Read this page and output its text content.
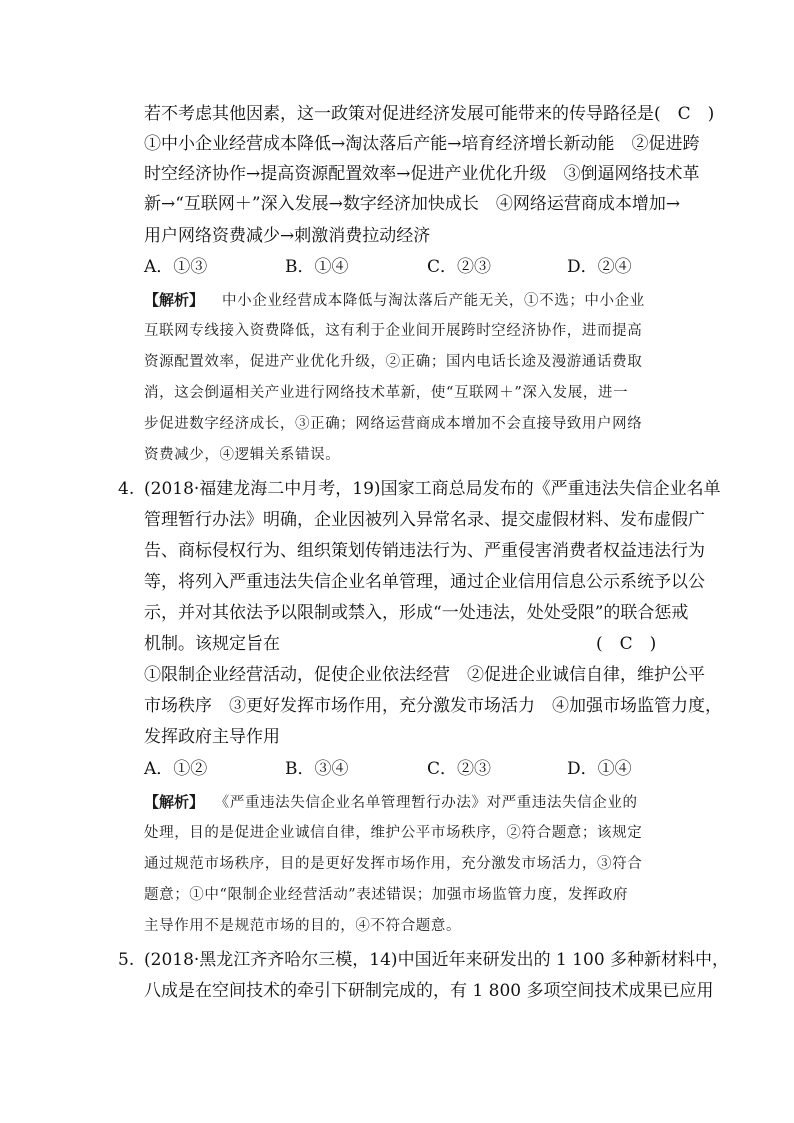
若不考虑其他因素，这一政策对促进经济发展可能带来的传导路径是(　C　)
①中小企业经营成本降低→淘汰落后产能→培育经济增长新动能　②促进跨
时空经济协作→提高资源配置效率→促进产业优化升级　③倒逼网络技术革
新→“互联网＋”深入发展→数字经济加快成长　④网络运营商成本增加→
用户网络资费减少→刺激消费拉动经济
A．①③	B．①④	C．②③	D．②④
【解析】 中小企业经营成本降低与淘汰落后产能无关，①不选；中小企业
互联网专线接入资费降低，这有利于企业间开展跨时空经济协作，进而提高
资源配置效率，促进产业优化升级，②正确；国内电话长途及漫游通话费取
消，这会倒逼相关产业进行网络技术革新，使“互联网＋”深入发展，进一
步促进数字经济成长，③正确；网络运营商成本增加不会直接导致用户网络
资费减少，④逻辑关系错误。
4. (2018·福建龙海二中月考，19)国家工商总局发布的《严重违法失信企业名单
管理暂行办法》明确，企业因被列入异常名录、提交虚假材料、发布虚假广
告、商标侵权行为、组织策划传销违法行为、严重侵害消费者权益违法行为
等，将列入严重违法失信企业名单管理，通过企业信用信息公示系统予以公
示，并对其依法予以限制或禁入，形成“一处违法，处处受限”的联合惩戒
机制。该规定旨在	(　C　)
①限制企业经营活动，促使企业依法经营　②促进企业诚信自律，维护公平
市场秩序　③更好发挥市场作用，充分激发市场活力　④加强市场监管力度，
发挥政府主导作用
A．①②	B．③④	C．②③	D．①④
【解析】 《严重违法失信企业名单管理暂行办法》对严重违法失信企业的
处理，目的是促进企业诚信自律，维护公平市场秩序，②符合题意；该规定
通过规范市场秩序，目的是更好发挥市场作用，充分激发市场活力，③符合
题意；①中“限制企业经营活动”表述错误；加强市场监管力度，发挥政府
主导作用不是规范市场的目的，④不符合题意。
5. (2018·黑龙江齐齐哈尔三模，14)中国近年来研发出的 1 100 多种新材料中，
八成是在空间技术的牵引下研制完成的，有 1 800 多项空间技术成果已应用
